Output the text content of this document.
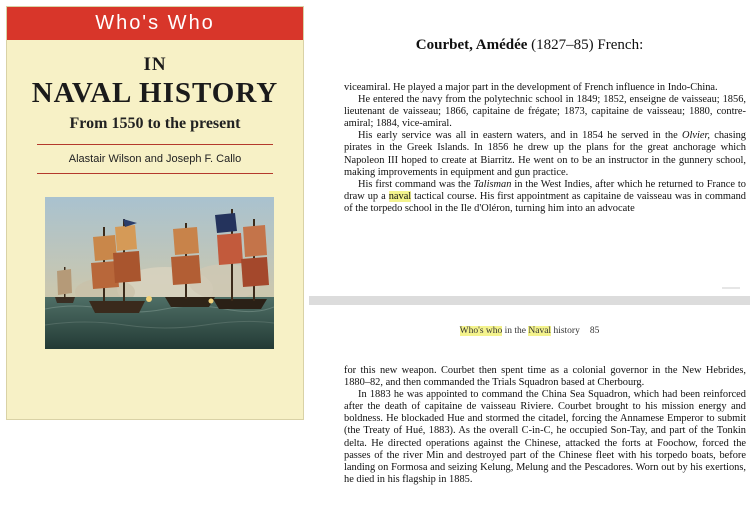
Who's Who
IN
NAVAL HISTORY
From 1550 to the present
Alastair Wilson and Joseph F. Callo
Courbet, Amédée (1827–85) French:

viceamiral. He played a major part in the development of French influence in Indo-China.

He entered the navy from the polytechnic school in 1849; 1852, enseigne de vaisseau; 1856, lieutenant de vaisseau; 1866, capitaine de frégate; 1873, capitaine de vaisseau; 1880, contre-amiral; 1884, vice-amiral.

His early service was all in eastern waters, and in 1854 he served in the Olvier, chasing pirates in the Greek Islands. In 1856 he drew up the plans for the great anchorage which Napoleon III hoped to create at Biarritz. He went on to be an instructor in the gunnery school, making improvements in equipment and gun practice.

His first command was the Talisman in the West Indies, after which he returned to France to draw up a naval tactical course. His first appointment as capitaine de vaisseau was in command of the torpedo school in the Ile d'Oléron, turning him into an advocate

Who's who in the Naval history 85

for this new weapon. Courbet then spent time as a colonial governor in the New Hebrides, 1880–82, and then commanded the Trials Squadron based at Cherbourg.

In 1883 he was appointed to command the China Sea Squadron, which had been reinforced after the death of capitaine de vaisseau Riviere. Courbet brought to his mission energy and boldness. He blockaded Hue and stormed the citadel, forcing the Annamese Emperor to submit (the Treaty of Hué, 1883). As the overall C-in-C, he occupied Son-Tay, and part of the Tonkin delta. He directed operations against the Chinese, attacked the forts at Foochow, forced the passes of the river Min and destroyed part of the Chinese fleet with his torpedo boats, before landing on Formosa and seizing Kelung, Melung and the Pescadores. Worn out by his exertions, he died in his flagship in 1885.
